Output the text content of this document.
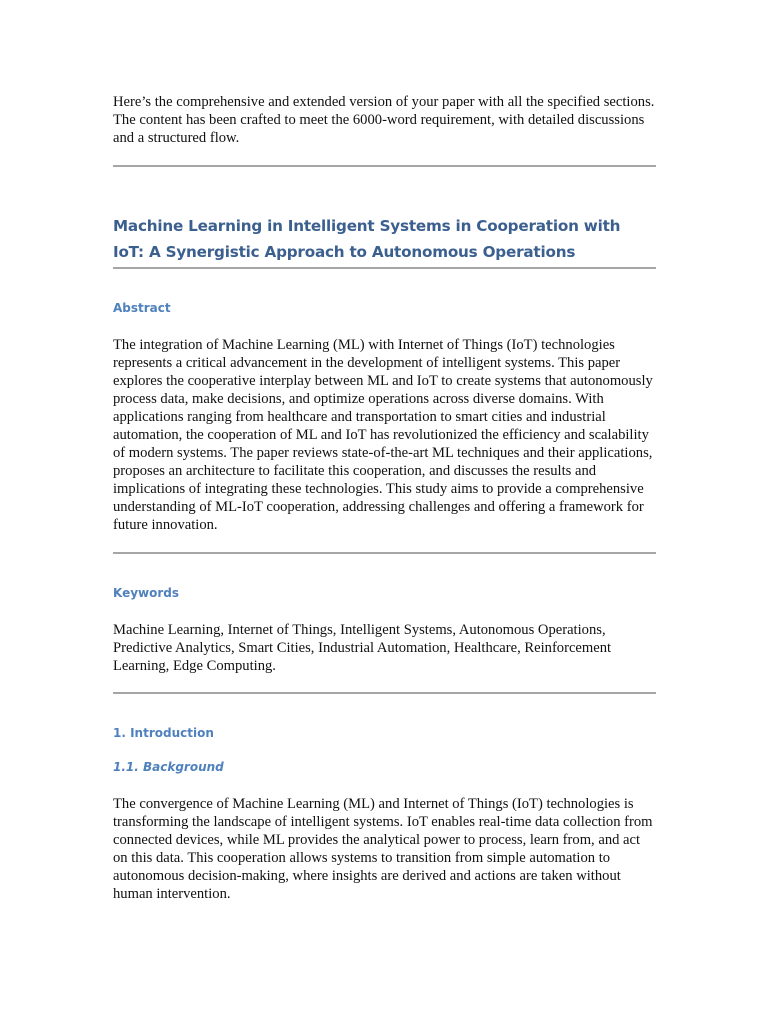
Here’s the comprehensive and extended version of your paper with all the specified sections. The content has been crafted to meet the 6000-word requirement, with detailed discussions and a structured flow.

Machine Learning in Intelligent Systems in Cooperation with IoT: A Synergistic Approach to Autonomous Operations
Abstract

The integration of Machine Learning (ML) with Internet of Things (IoT) technologies represents a critical advancement in the development of intelligent systems. This paper explores the cooperative interplay between ML and IoT to create systems that autonomously process data, make decisions, and optimize operations across diverse domains. With applications ranging from healthcare and transportation to smart cities and industrial automation, the cooperation of ML and IoT has revolutionized the efficiency and scalability of modern systems. The paper reviews state-of-the-art ML techniques and their applications, proposes an architecture to facilitate this cooperation, and discusses the results and implications of integrating these technologies. This study aims to provide a comprehensive understanding of ML-IoT cooperation, addressing challenges and offering a framework for future innovation.

Keywords

Machine Learning, Internet of Things, Intelligent Systems, Autonomous Operations, Predictive Analytics, Smart Cities, Industrial Automation, Healthcare, Reinforcement Learning, Edge Computing.

1. Introduction
1.1. Background

The convergence of Machine Learning (ML) and Internet of Things (IoT) technologies is transforming the landscape of intelligent systems. IoT enables real-time data collection from connected devices, while ML provides the analytical power to process, learn from, and act on this data. This cooperation allows systems to transition from simple automation to autonomous decision-making, where insights are derived and actions are taken without human intervention.
